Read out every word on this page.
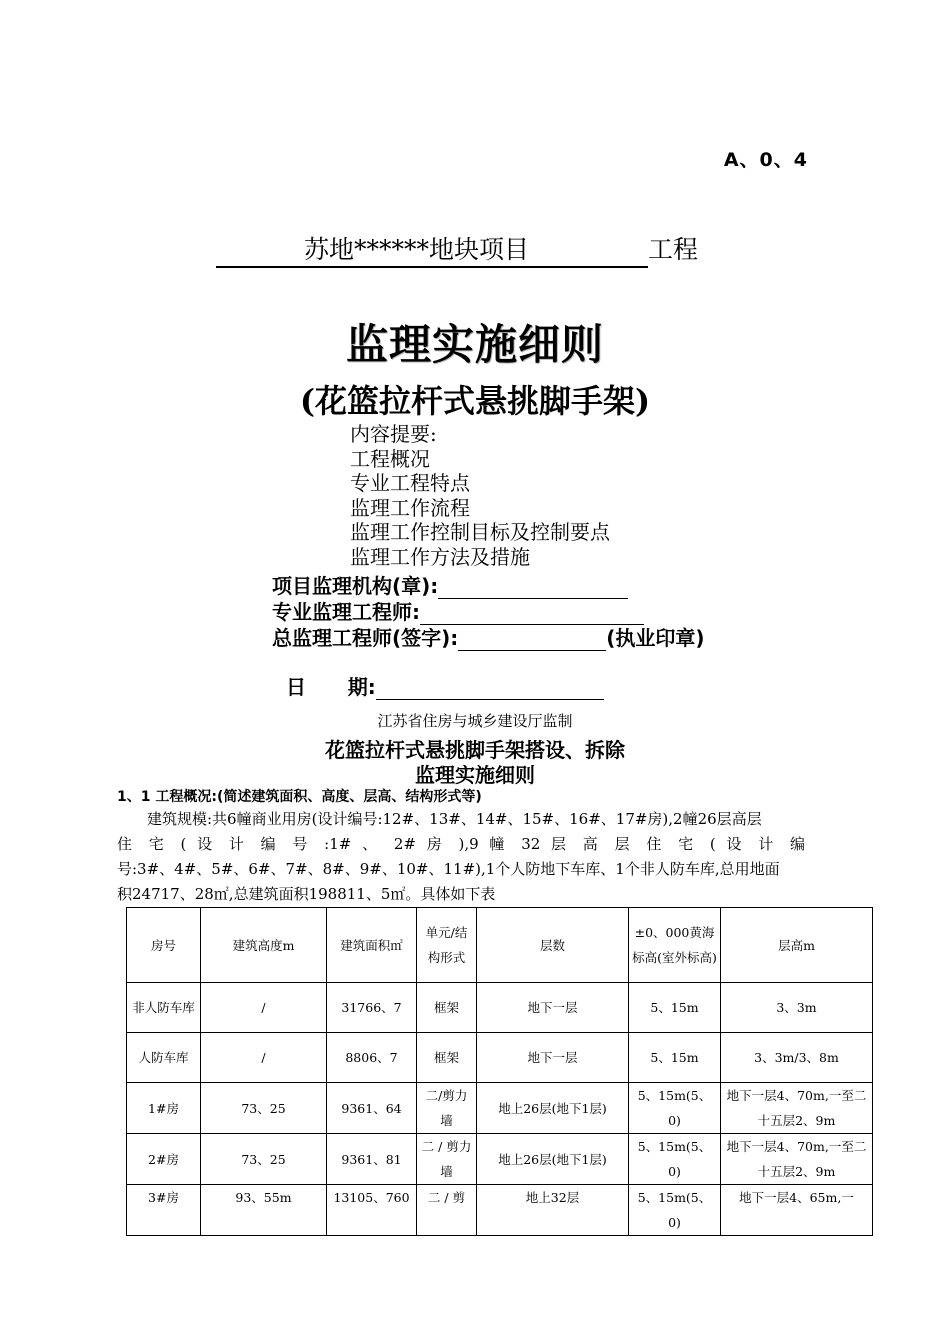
A、0、4
苏地******地块项目	工程
监理实施细则
(花篮拉杆式悬挑脚手架)
内容提要:
工程概况
专业工程特点
监理工作流程
监理工作控制目标及控制要点
监理工作方法及措施
项目监理机构(章):
专业监理工程师:
总监理工程师(签字):	(执业印章)

日      期:

江苏省住房与城乡建设厅监制
花篮拉杆式悬挑脚手架搭设、拆除
监理实施细则
1、1 工程概况:(简述建筑面积、高度、层高、结构形式等)
建筑规模:共6幢商业用房(设计编号:12#、13#、14#、15#、16#、17#房),2幢26层高层
住 宅 ( 设 计 编 号 :1# 、 2# 房 ),9 幢 32 层 高 层 住 宅 ( 设 计 编
号:3#、4#、5#、6#、7#、8#、9#、10#、11#),1个人防地下车库、1个非人防车库,总用地面
积24717、28㎡,总建筑面积198811、5㎡。具体如下表
房号	建筑高度m	建筑面积㎡	单元/结构形式	层数	±0、000黄海标高(室外标高)	层高m
非人防车库	/	31766、7	框架	地下一层	5、15m	3、3m
人防车库	/	8806、7	框架	地下一层	5、15m	3、3m/3、8m
1#房	73、25	9361、64	二/剪力墙	地上26层(地下1层)	5、15m(5、0)	地下一层4、70m,一至二十五层2、9m
2#房	73、25	9361、81	二 / 剪力墙	地上26层(地下1层)	5、15m(5、0)	地下一层4、70m,一至二十五层2、9m
3#房	93、55m	13105、760	二 / 剪	地上32层	5、15m(5、0)	地下一层4、65m,一
